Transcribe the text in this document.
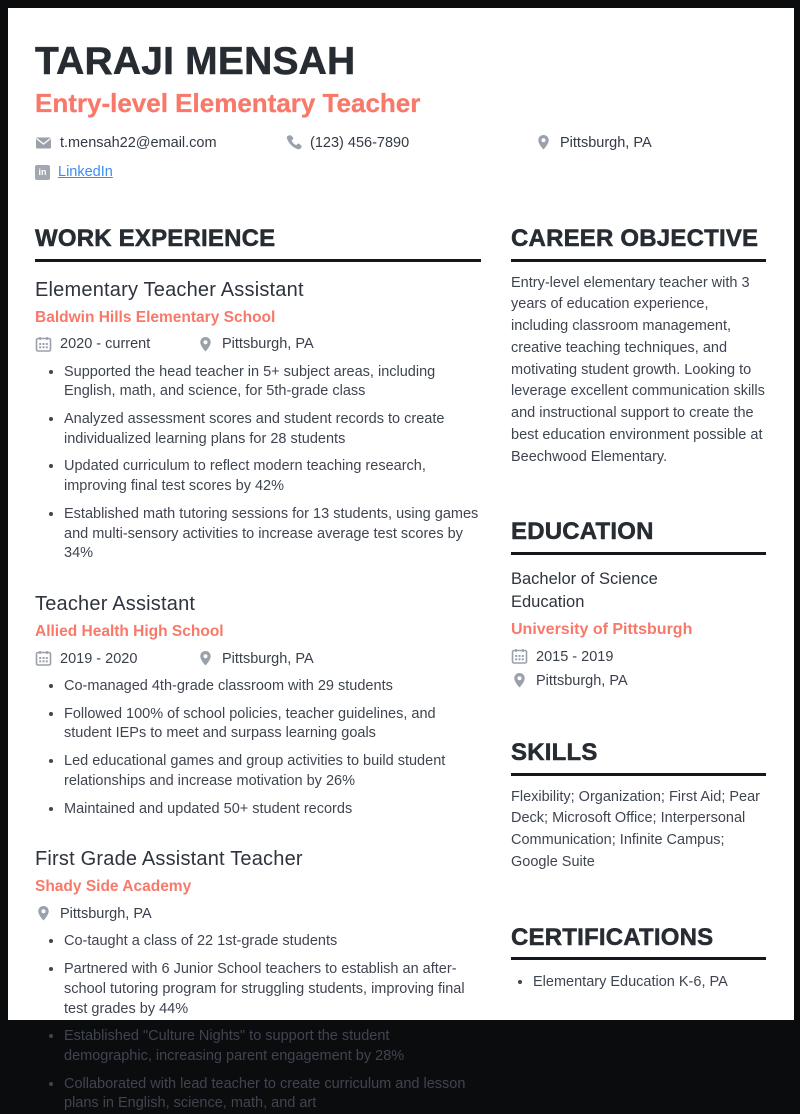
TARAJI MENSAH
Entry-level Elementary Teacher
t.mensah22@email.com	(123) 456-7890	Pittsburgh, PA
in LinkedIn
WORK EXPERIENCE
Elementary Teacher Assistant
Baldwin Hills Elementary School
2020 - current	Pittsburgh, PA
• Supported the head teacher in 5+ subject areas, including English, math, and science, for 5th-grade class
• Analyzed assessment scores and student records to create individualized learning plans for 28 students
• Updated curriculum to reflect modern teaching research, improving final test scores by 42%
• Established math tutoring sessions for 13 students, using games and multi-sensory activities to increase average test scores by 34%
Teacher Assistant
Allied Health High School
2019 - 2020	Pittsburgh, PA
• Co-managed 4th-grade classroom with 29 students
• Followed 100% of school policies, teacher guidelines, and student IEPs to meet and surpass learning goals
• Led educational games and group activities to build student relationships and increase motivation by 26%
• Maintained and updated 50+ student records
First Grade Assistant Teacher
Shady Side Academy
Pittsburgh, PA
• Co-taught a class of 22 1st-grade students
• Partnered with 6 Junior School teachers to establish an after-school tutoring program for struggling students, improving final test grades by 44%
• Established "Culture Nights" to support the student demographic, increasing parent engagement by 28%
• Collaborated with lead teacher to create curriculum and lesson plans in English, science, math, and art
CAREER OBJECTIVE

Entry-level elementary teacher with 3 years of education experience, including classroom management, creative teaching techniques, and motivating student growth. Looking to leverage excellent communication skills and instructional support to create the best education environment possible at Beechwood Elementary.

EDUCATION
Bachelor of Science
Education
University of Pittsburgh
2015 - 2019
Pittsburgh, PA
SKILLS

Flexibility; Organization; First Aid; Pear Deck; Microsoft Office; Interpersonal Communication; Infinite Campus; Google Suite

CERTIFICATIONS
• Elementary Education K-6, PA
